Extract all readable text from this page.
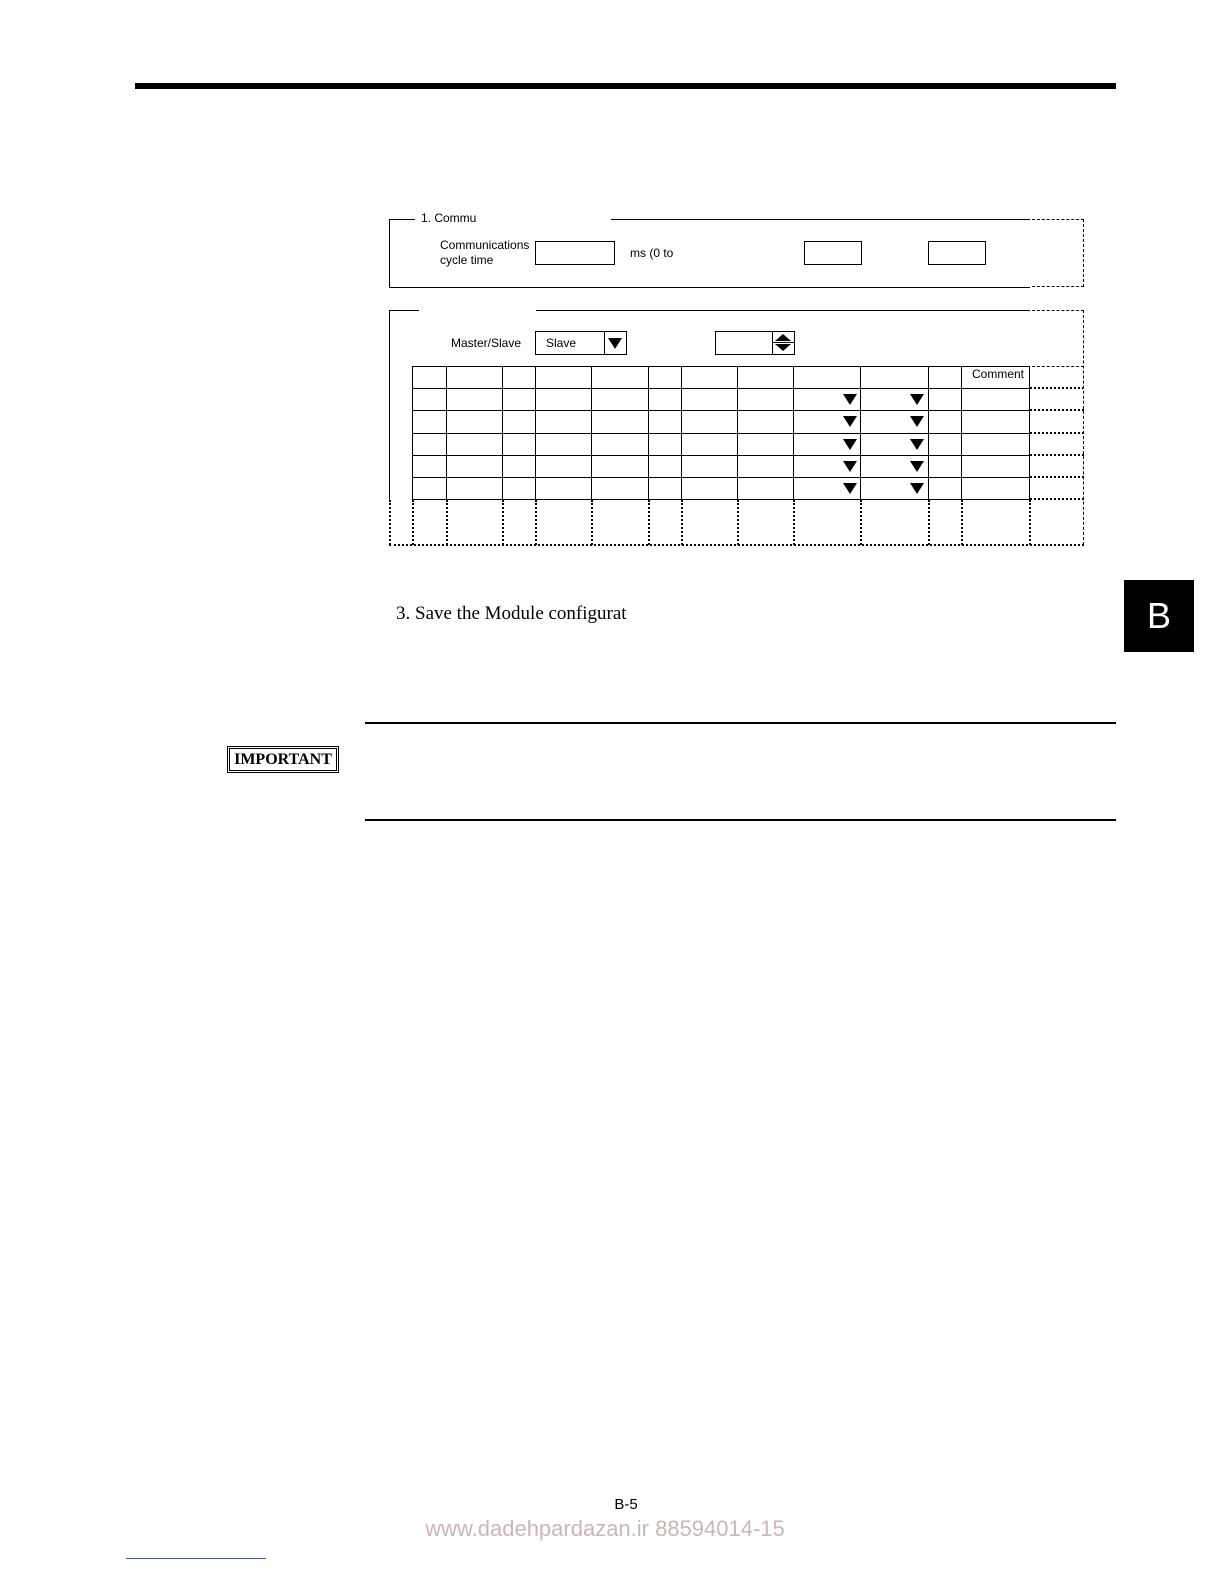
1. Commu
Communications
cycle time	ms (0 to
Master/Slave Slave
Comment
3. Save the Module configurat	B
IMPORTANT
B-5
www.dadehpardazan.ir 88594014-15
